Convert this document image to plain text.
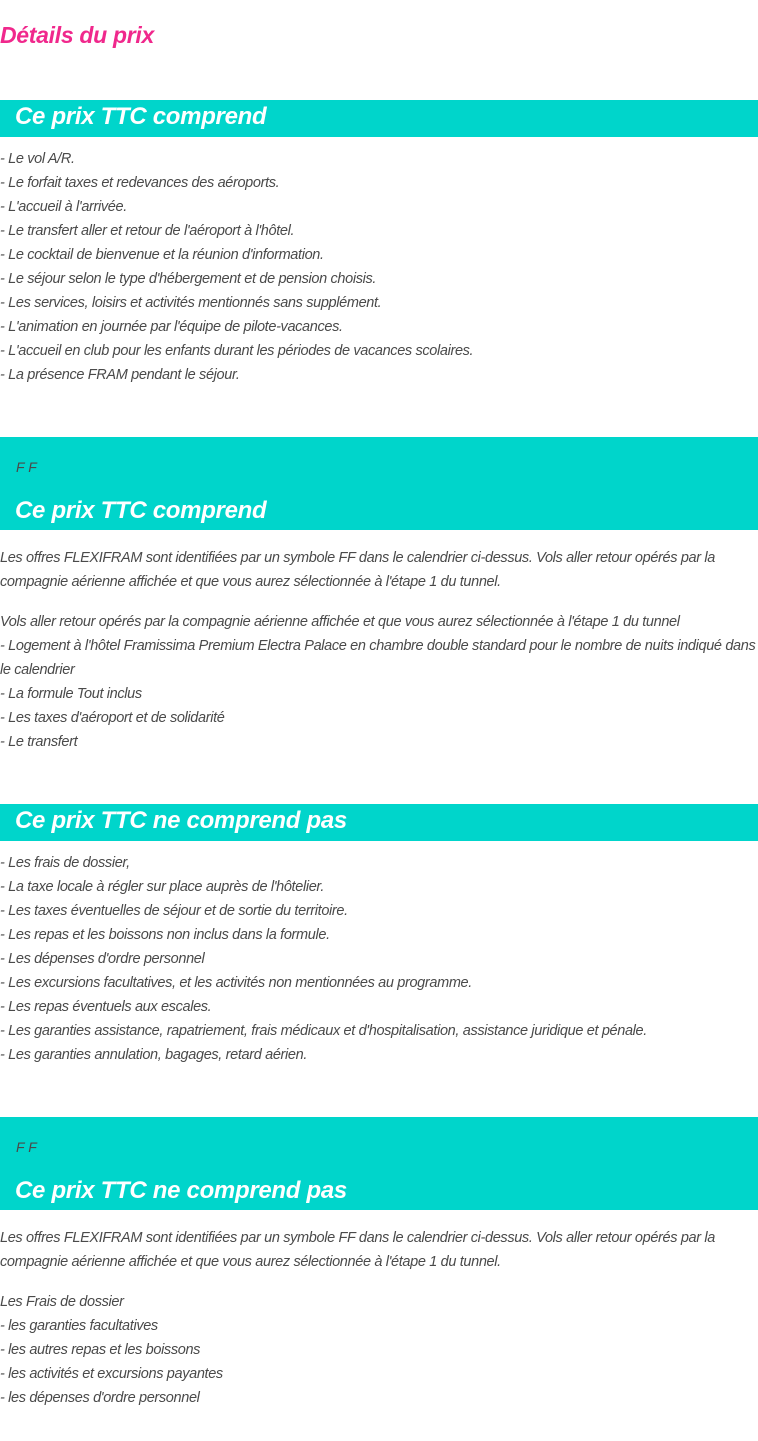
Détails du prix
Ce prix TTC comprend
- Le vol A/R.
- Le forfait taxes et redevances des aéroports.
- L'accueil à l'arrivée.
- Le transfert aller et retour de l'aéroport à l'hôtel.
- Le cocktail de bienvenue et la réunion d'information.
- Le séjour selon le type d'hébergement et de pension choisis.
- Les services, loisirs et activités mentionnés sans supplément.
- L'animation en journée par l'équipe de pilote-vacances.
- L'accueil en club pour les enfants durant les périodes de vacances scolaires.
- La présence FRAM pendant le séjour.
F F
Ce prix TTC comprend

Les offres FLEXIFRAM sont identifiées par un symbole FF dans le calendrier ci-dessus. Vols aller retour opérés par la compagnie aérienne affichée et que vous aurez sélectionnée à l'étape 1 du tunnel.

Vols aller retour opérés par la compagnie aérienne affichée et que vous aurez sélectionnée à l'étape 1 du tunnel
- Logement à l'hôtel Framissima Premium Electra Palace en chambre double standard pour le nombre de nuits indiqué dans le calendrier
- La formule Tout inclus
- Les taxes d'aéroport et de solidarité
- Le transfert
Ce prix TTC ne comprend pas
- Les frais de dossier,
- La taxe locale à régler sur place auprès de l'hôtelier.
- Les taxes éventuelles de séjour et de sortie du territoire.
- Les repas et les boissons non inclus dans la formule.
- Les dépenses d'ordre personnel
- Les excursions facultatives, et les activités non mentionnées au programme.
- Les repas éventuels aux escales.
- Les garanties assistance, rapatriement, frais médicaux et d'hospitalisation, assistance juridique et pénale.
- Les garanties annulation, bagages, retard aérien.
F F
Ce prix TTC ne comprend pas

Les offres FLEXIFRAM sont identifiées par un symbole FF dans le calendrier ci-dessus. Vols aller retour opérés par la compagnie aérienne affichée et que vous aurez sélectionnée à l'étape 1 du tunnel.

Les Frais de dossier
- les garanties facultatives
- les autres repas et les boissons
- les activités et excursions payantes
- les dépenses d'ordre personnel
